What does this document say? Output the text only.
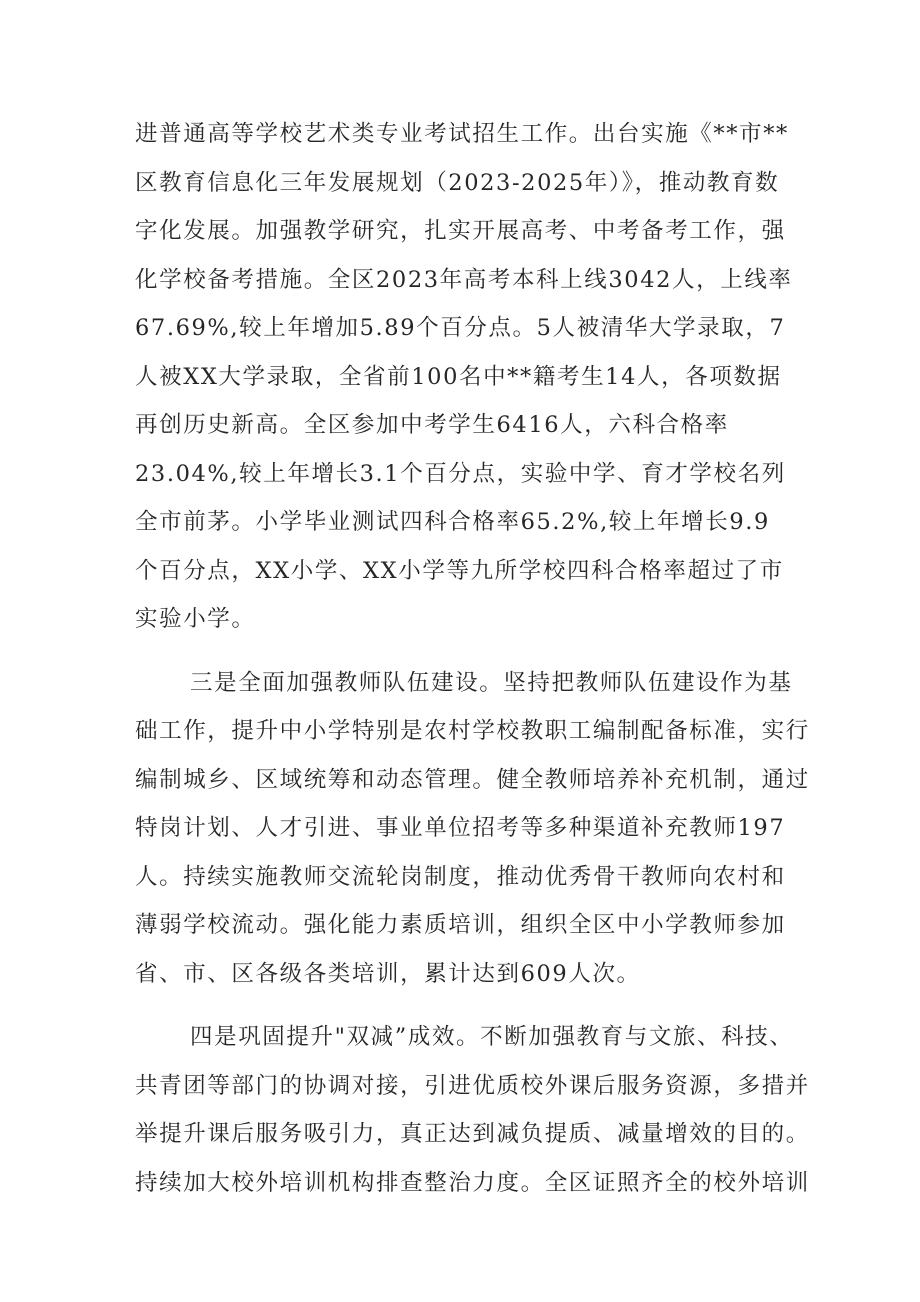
进普通高等学校艺术类专业考试招生工作。出台实施《**市**
区教育信息化三年发展规划（2023-2025年）》，推动教育数
字化发展。加强教学研究，扎实开展高考、中考备考工作，强
化学校备考措施。全区2023年高考本科上线3042人，上线率
67.69%,较上年增加5.89个百分点。5人被清华大学录取，7
人被XX大学录取，全省前100名中**籍考生14人，各项数据
再创历史新高。全区参加中考学生6416人，六科合格率
23.04%,较上年增长3.1个百分点，实验中学、育才学校名列
全市前茅。小学毕业测试四科合格率65.2%,较上年增长9.9
个百分点，XX小学、XX小学等九所学校四科合格率超过了市
实验小学。
三是全面加强教师队伍建设。坚持把教师队伍建设作为基
础工作，提升中小学特别是农村学校教职工编制配备标准，实行
编制城乡、区域统筹和动态管理。健全教师培养补充机制，通过
特岗计划、人才引进、事业单位招考等多种渠道补充教师197
人。持续实施教师交流轮岗制度，推动优秀骨干教师向农村和
薄弱学校流动。强化能力素质培训，组织全区中小学教师参加
省、市、区各级各类培训，累计达到609人次。
四是巩固提升"双减”成效。不断加强教育与文旅、科技、
共青团等部门的协调对接，引进优质校外课后服务资源，多措并
举提升课后服务吸引力，真正达到减负提质、减量增效的目的。
持续加大校外培训机构排查整治力度。全区证照齐全的校外培训
